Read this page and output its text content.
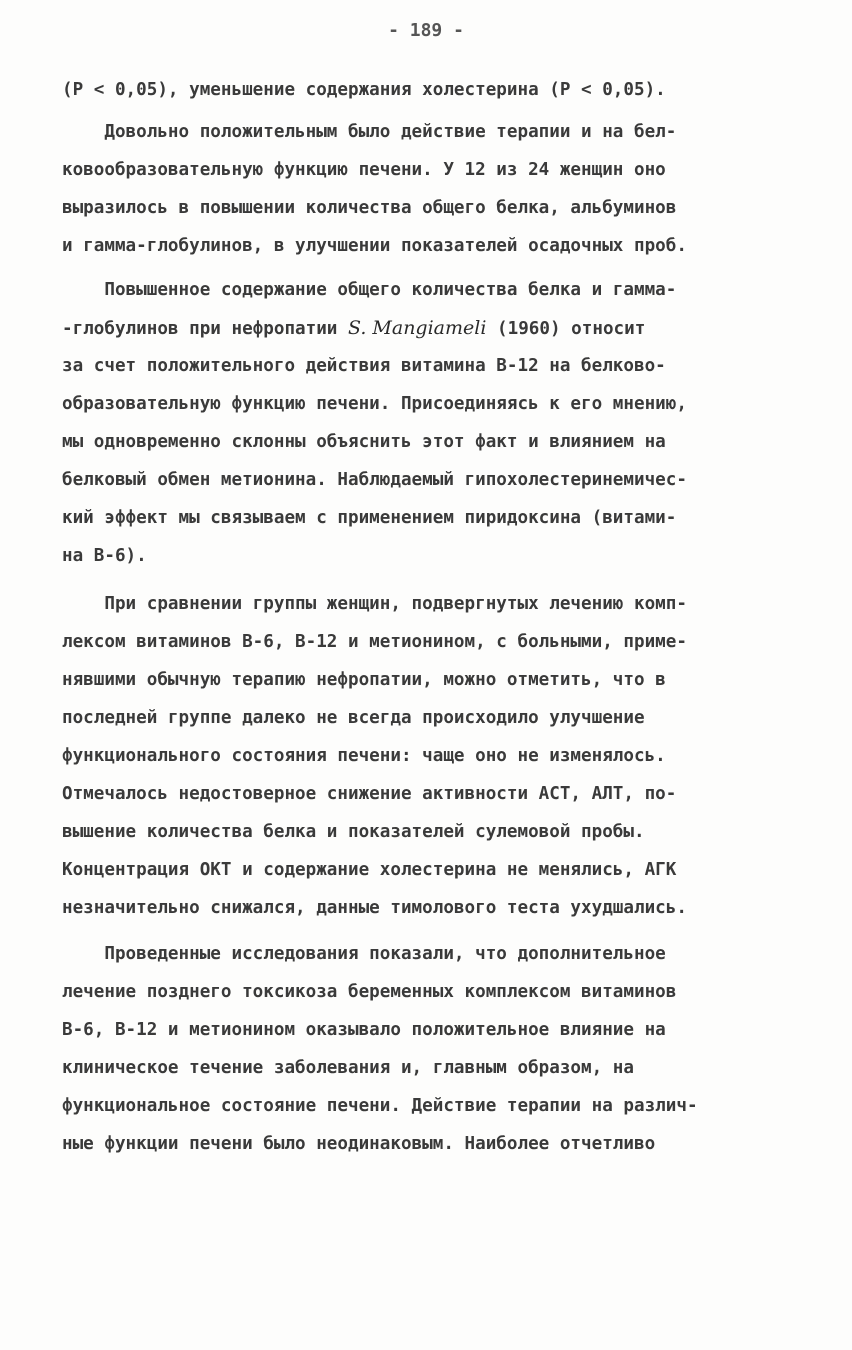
- 189 -
(P < 0,05), уменьшение содержания холестерина (P < 0,05).
Довольно положительным было действие терапии и на бел-
ковообразовательную функцию печени. У 12 из 24 женщин оно
выразилось в повышении количества общего белка, альбуминов
и гамма-глобулинов, в улучшении показателей осадочных проб.
Повышенное содержание общего количества белка и гамма-
-глобулинов при нефропатии S. Mangiameli (1960) относит
за счет положительного действия витамина В-12 на белково-
образовательную функцию печени. Присоединяясь к его мнению,
мы одновременно склонны объяснить этот факт и влиянием на
белковый обмен метионина. Наблюдаемый гипохолестеринемичес-
кий эффект мы связываем с применением пиридоксина (витами-
на В-6).
При сравнении группы женщин, подвергнутых лечению комп-
лексом витаминов В-6, В-12 и метионином, с больными, приме-
нявшими обычную терапию нефропатии, можно отметить, что в
последней группе далеко не всегда происходило улучшение
функционального состояния печени: чаще оно не изменялось.
Отмечалось недостоверное снижение активности АСТ, АЛТ, по-
вышение количества белка и показателей сулемовой пробы.
Концентрация ОКТ и содержание холестерина не менялись, АГК
незначительно снижался, данные тимолового теста ухудшались.
Проведенные исследования показали, что дополнительное
лечение позднего токсикоза беременных комплексом витаминов
В-6, В-12 и метионином оказывало положительное влияние на
клиническое течение заболевания и, главным образом, на
функциональное состояние печени. Действие терапии на различ-
ные функции печени было неодинаковым. Наиболее отчетливо
